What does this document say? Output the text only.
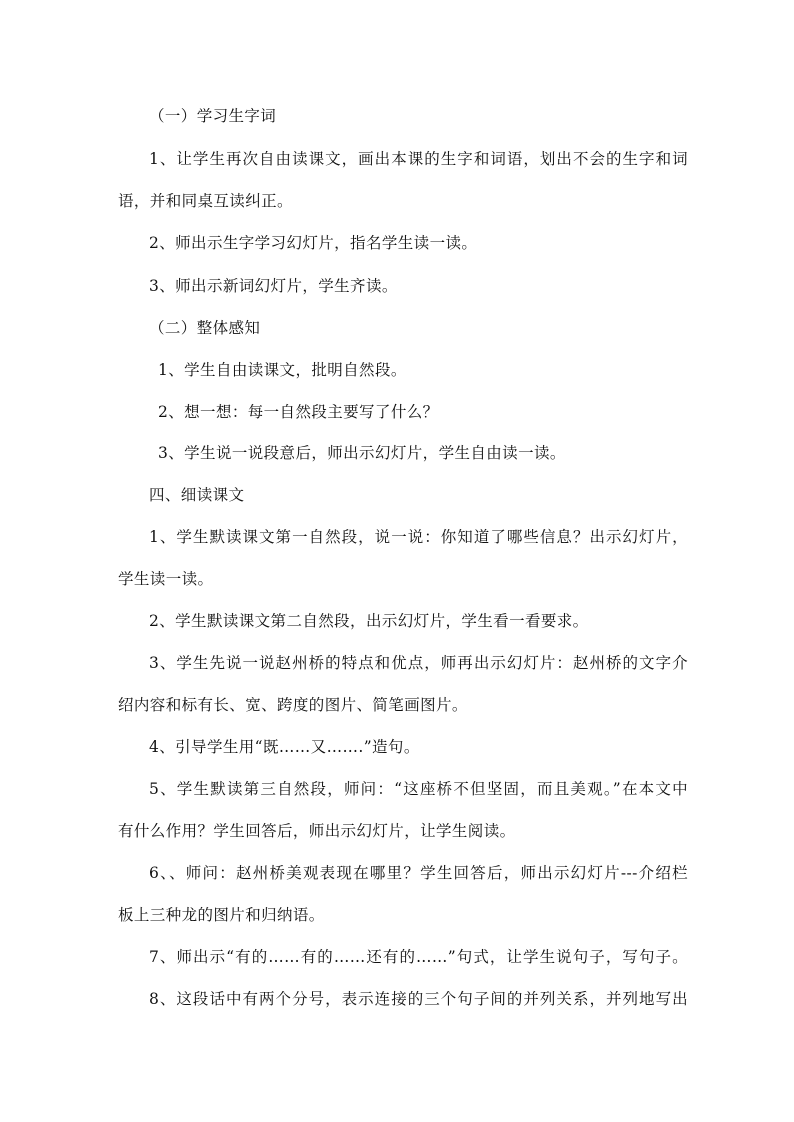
（一）学习生字词
1、让学生再次自由读课文，画出本课的生字和词语，划出不会的生字和词
语，并和同桌互读纠正。
2、师出示生字学习幻灯片，指名学生读一读。
3、师出示新词幻灯片，学生齐读。
（二）整体感知
1、学生自由读课文，批明自然段。
2、想一想：每一自然段主要写了什么？
3、学生说一说段意后，师出示幻灯片，学生自由读一读。
四、细读课文
1、学生默读课文第一自然段，说一说：你知道了哪些信息？出示幻灯片，
学生读一读。
2、学生默读课文第二自然段，出示幻灯片，学生看一看要求。
3、学生先说一说赵州桥的特点和优点，师再出示幻灯片：赵州桥的文字介
绍内容和标有长、宽、跨度的图片、简笔画图片。
4、引导学生用“既……又…….”造句。
5、学生默读第三自然段，师问：“这座桥不但坚固，而且美观。”在本文中
有什么作用？学生回答后，师出示幻灯片，让学生阅读。
6、、师问：赵州桥美观表现在哪里？学生回答后，师出示幻灯片---介绍栏
板上三种龙的图片和归纳语。
7、师出示“有的……有的……还有的……”句式，让学生说句子，写句子。
8、这段话中有两个分号，表示连接的三个句子间的并列关系，并列地写出
